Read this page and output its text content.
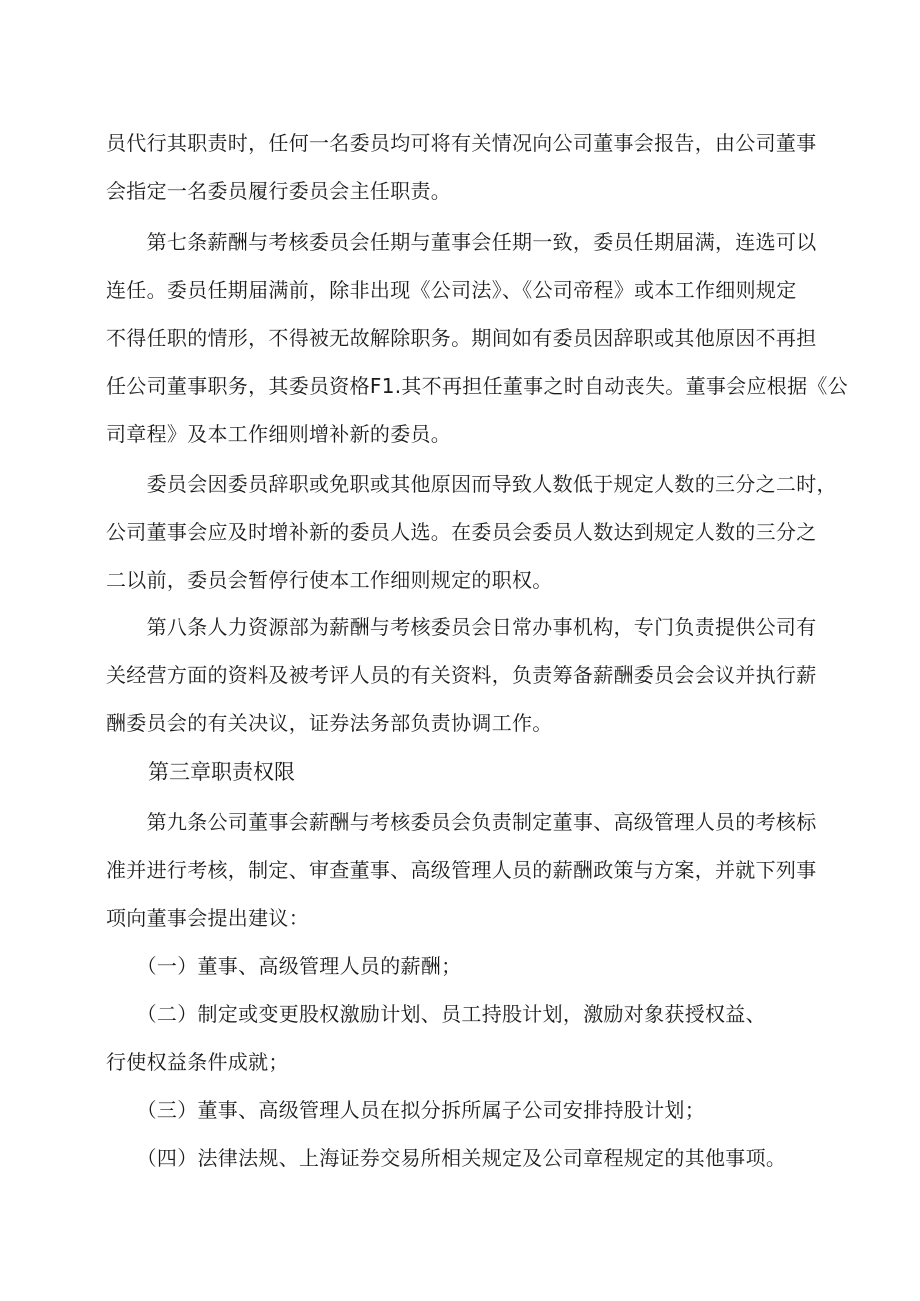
员代行其职责时，任何一名委员均可将有关情况向公司董事会报告，由公司董事
会指定一名委员履行委员会主任职责。

　　第七条薪酬与考核委员会任期与董事会任期一致，委员任期届满，连选可以
连任。委员任期届满前，除非出现《公司法》、《公司帝程》或本工作细则规定
不得任职的情形，不得被无故解除职务。期间如有委员因辞职或其他原因不再担
任公司董事职务，其委员资格F1.其不再担任董事之时自动丧失。董事会应根据《公
司章程》及本工作细则增补新的委员。

　　委员会因委员辞职或免职或其他原因而导致人数低于规定人数的三分之二时，
公司董事会应及时增补新的委员人选。在委员会委员人数达到规定人数的三分之
二以前，委员会暂停行使本工作细则规定的职权。

　　第八条人力资源部为薪酬与考核委员会日常办事机构，专门负责提供公司有
关经营方面的资料及被考评人员的有关资料，负责筹备薪酬委员会会议并执行薪
酬委员会的有关决议，证券法务部负责协调工作。

第三章职责权限

　　第九条公司董事会薪酬与考核委员会负责制定董事、高级管理人员的考核标
准并进行考核，制定、审查董事、高级管理人员的薪酬政策与方案，并就下列事
项向董事会提出建议：

　　（一）董事、高级管理人员的薪酬；

　　（二）制定或变更股权激励计划、员工持股计划，激励对象获授权益、
行使权益条件成就；

　　（三）董事、高级管理人员在拟分拆所属子公司安排持股计划；

　　（四）法律法规、上海证券交易所相关规定及公司章程规定的其他事项。
